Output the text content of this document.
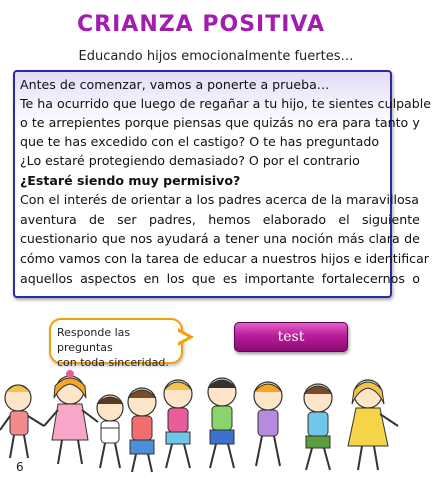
CRIANZA POSITIVA
Educando hijos emocionalmente fuertes…
Antes de comenzar, vamos a ponerte a prueba…
Te ha ocurrido que luego de regañar a tu hijo, te sientes culpable
o te arrepientes porque piensas que quizás no era para tanto y
que te has excedido con el castigo? O te has preguntado
¿Lo estaré protegiendo demasiado? O por el contrario
¿Estaré siendo muy permisivo?
Con el interés de orientar a los padres acerca de la maravillosa
aventura de ser padres, hemos elaborado el siguiente
cuestionario que nos ayudará a tener una noción más clara de
cómo vamos con la tarea de educar a nuestros hijos e identificar
aquellos aspectos en los que es importante fortalecernos o
Responde las preguntas
con toda sinceridad.
test
6
